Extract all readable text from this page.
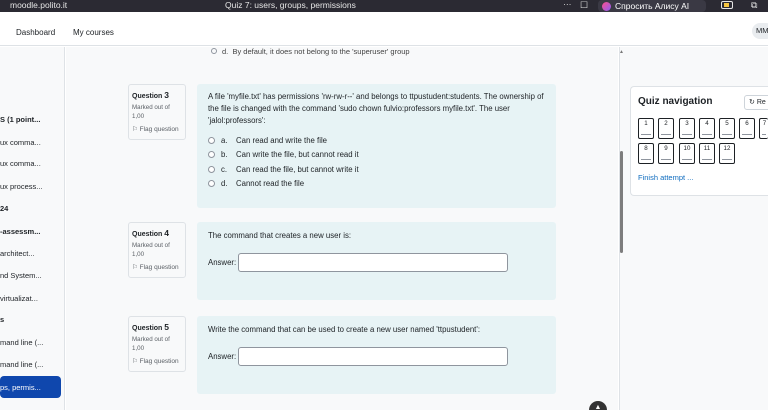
moodle.polito.it	Quiz 7: users, groups, permissions	··· ☐	Спросить Алису AI	⧉
Dashboard My courses	MM
S (1 point...
ux comma...
ux comma...
ux process...
24
-assessm...
architect...
nd System...
virtualizat...
s
mand line (...
mand line (...
ps, permis...
d. By default, it does not belong to the 'superuser' group
Question 3
Marked out of
1,00
⚐ Flag question
A file 'myfile.txt' has permissions 'rw-rw-r--' and belongs to ttpustudent:students. The ownership of the file is changed with the command 'sudo chown fulvio:professors myfile.txt'. The user 'jalol:professors':
a.	Can read and write the file
b.	Can write the file, but cannot read it
c.	Can read the file, but cannot write it
d.	Cannot read the file
Question 4
Marked out of
1,00
⚐ Flag question
The command that creates a new user is:
Answer:
Question 5
Marked out of
1,00
⚐ Flag question
Write the command that can be used to create a new user named 'ttpustudent':
Answer:
▲
Quiz navigation	↻ Re
1	2	3	4	5	6	7
8	9	10	11	12
Finish attempt ...
▲
